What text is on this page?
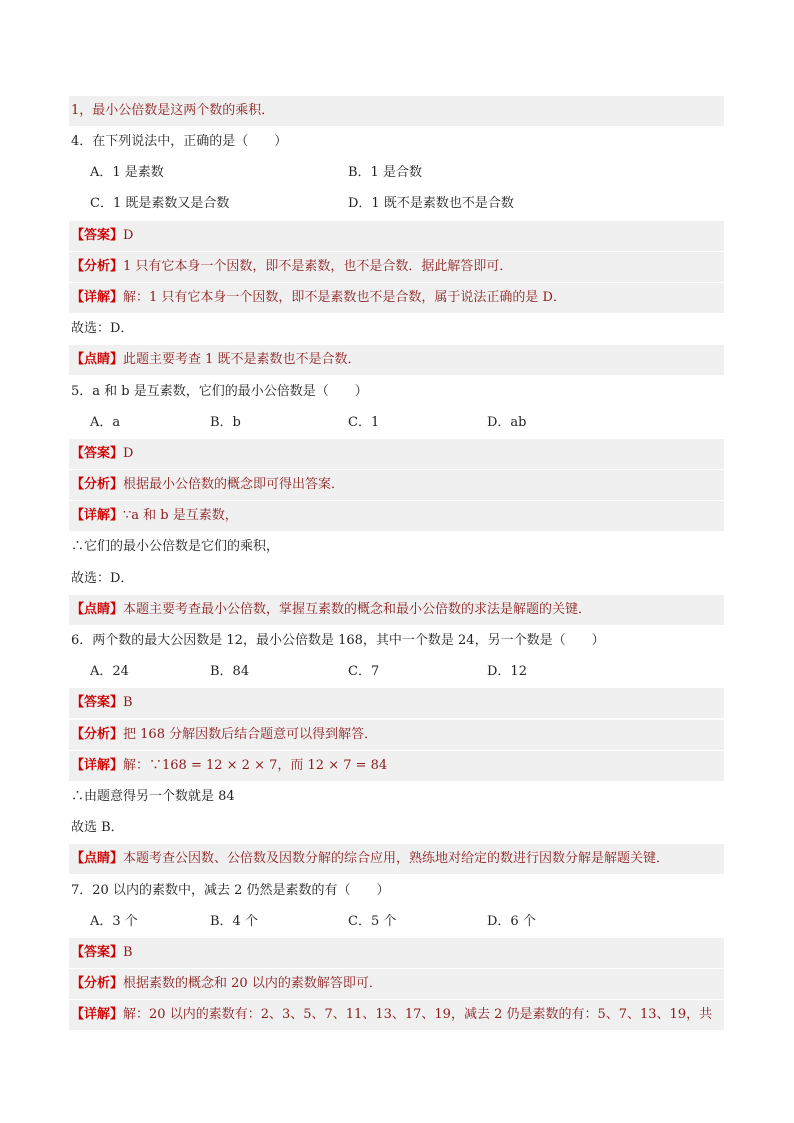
1，最小公倍数是这两个数的乘积．
4．在下列说法中，正确的是（　　）
【答案】D
【分析】1 只有它本身一个因数，即不是素数，也不是合数．据此解答即可．
【详解】解：1 只有它本身一个因数，即不是素数也不是合数，属于说法正确的是 D．
故选：D．
【点睛】此题主要考查 1 既不是素数也不是合数．
5．a 和 b 是互素数，它们的最小公倍数是（　　）
【答案】D
【分析】根据最小公倍数的概念即可得出答案．
【详解】∵a 和 b 是互素数，
∴它们的最小公倍数是它们的乘积，
故选：D．
【点睛】本题主要考查最小公倍数，掌握互素数的概念和最小公倍数的求法是解题的关键．
6．两个数的最大公因数是 12，最小公倍数是 168，其中一个数是 24，另一个数是（　　）
【答案】B
【分析】把 168 分解因数后结合题意可以得到解答．
【详解】解：∵168 = 12 × 2 × 7，而 12 × 7 = 84
∴由题意得另一个数就是 84
故选 B．
【点睛】本题考查公因数、公倍数及因数分解的综合应用，熟练地对给定的数进行因数分解是解题关键．
7．20 以内的素数中，减去 2 仍然是素数的有（　　）
【答案】B
【分析】根据素数的概念和 20 以内的素数解答即可．
【详解】解：20 以内的素数有：2、3、5、7、11、13、17、19，减去 2 仍是素数的有：5、7、13、19，共
A．1 是素数	B．1 是合数
C．1 既是素数又是合数	D．1 既不是素数也不是合数
A．a	B．b	C．1	D．ab
A．24	B．84	C．7	D．12
A．3 个	B．4 个	C．5 个	D．6 个
